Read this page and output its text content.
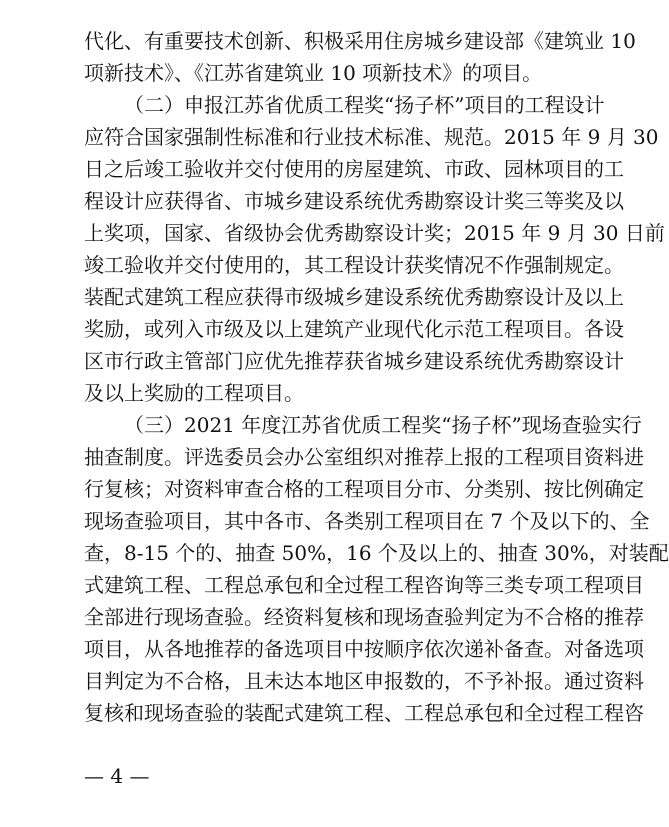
代化、有重要技术创新、积极采用住房城乡建设部《建筑业 10
项新技术》、《江苏省建筑业 10 项新技术》的项目。
（二）申报江苏省优质工程奖“扬子杯”项目的工程设计
应符合国家强制性标准和行业技术标准、规范。2015 年 9 月 30
日之后竣工验收并交付使用的房屋建筑、市政、园林项目的工
程设计应获得省、市城乡建设系统优秀勘察设计奖三等奖及以
上奖项，国家、省级协会优秀勘察设计奖；2015 年 9 月 30 日前
竣工验收并交付使用的，其工程设计获奖情况不作强制规定。
装配式建筑工程应获得市级城乡建设系统优秀勘察设计及以上
奖励，或列入市级及以上建筑产业现代化示范工程项目。各设
区市行政主管部门应优先推荐获省城乡建设系统优秀勘察设计
及以上奖励的工程项目。
（三）2021 年度江苏省优质工程奖“扬子杯”现场查验实行
抽查制度。评选委员会办公室组织对推荐上报的工程项目资料进
行复核；对资料审查合格的工程项目分市、分类别、按比例确定
现场查验项目，其中各市、各类别工程项目在 7 个及以下的、全
查，8-15 个的、抽查 50%，16 个及以上的、抽查 30%，对装配
式建筑工程、工程总承包和全过程工程咨询等三类专项工程项目
全部进行现场查验。经资料复核和现场查验判定为不合格的推荐
项目，从各地推荐的备选项目中按顺序依次递补备查。对备选项
目判定为不合格，且未达本地区申报数的，不予补报。通过资料
复核和现场查验的装配式建筑工程、工程总承包和全过程工程咨
— 4 —
